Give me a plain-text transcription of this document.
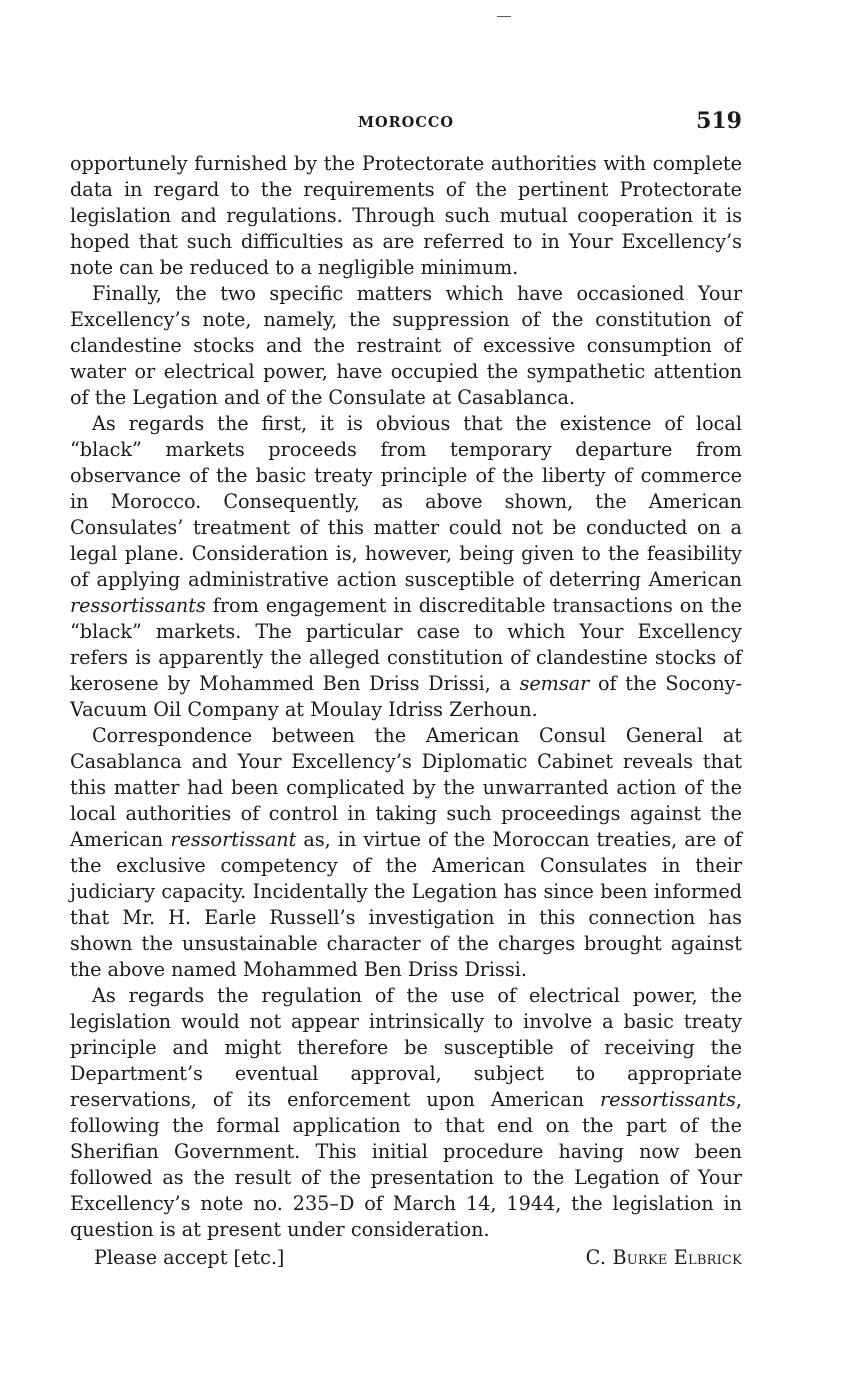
MOROCCO	519

opportunely furnished by the Protectorate authorities with complete data in regard to the requirements of the pertinent Protectorate legislation and regulations. Through such mutual cooperation it is hoped that such difficulties as are referred to in Your Excellency’s note can be reduced to a negligible minimum.

Finally, the two specific matters which have occasioned Your Excellency’s note, namely, the suppression of the constitution of clandestine stocks and the restraint of excessive consumption of water or electrical power, have occupied the sympathetic attention of the Legation and of the Consulate at Casablanca.

As regards the first, it is obvious that the existence of local “black” markets proceeds from temporary departure from observance of the basic treaty principle of the liberty of commerce in Morocco. Consequently, as above shown, the American Consulates’ treatment of this matter could not be conducted on a legal plane. Consideration is, however, being given to the feasibility of applying administrative action susceptible of deterring American ressortissants from engagement in discreditable transactions on the “black” markets. The particular case to which Your Excellency refers is apparently the alleged constitution of clandestine stocks of kerosene by Mohammed Ben Driss Drissi, a semsar of the Socony-Vacuum Oil Company at Moulay Idriss Zerhoun.

Correspondence between the American Consul General at Casablanca and Your Excellency’s Diplomatic Cabinet reveals that this matter had been complicated by the unwarranted action of the local authorities of control in taking such proceedings against the American ressortissant as, in virtue of the Moroccan treaties, are of the exclusive competency of the American Consulates in their judiciary capacity. Incidentally the Legation has since been informed that Mr. H. Earle Russell’s investigation in this connection has shown the unsustainable character of the charges brought against the above named Mohammed Ben Driss Drissi.

As regards the regulation of the use of electrical power, the legislation would not appear intrinsically to involve a basic treaty principle and might therefore be susceptible of receiving the Department’s eventual approval, subject to appropriate reservations, of its enforcement upon American ressortissants, following the formal application to that end on the part of the Sherifian Government. This initial procedure having now been followed as the result of the presentation to the Legation of Your Excellency’s note no. 235–D of March 14, 1944, the legislation in question is at present under consideration.

Please accept [etc.]	C. Burke Elbrick
